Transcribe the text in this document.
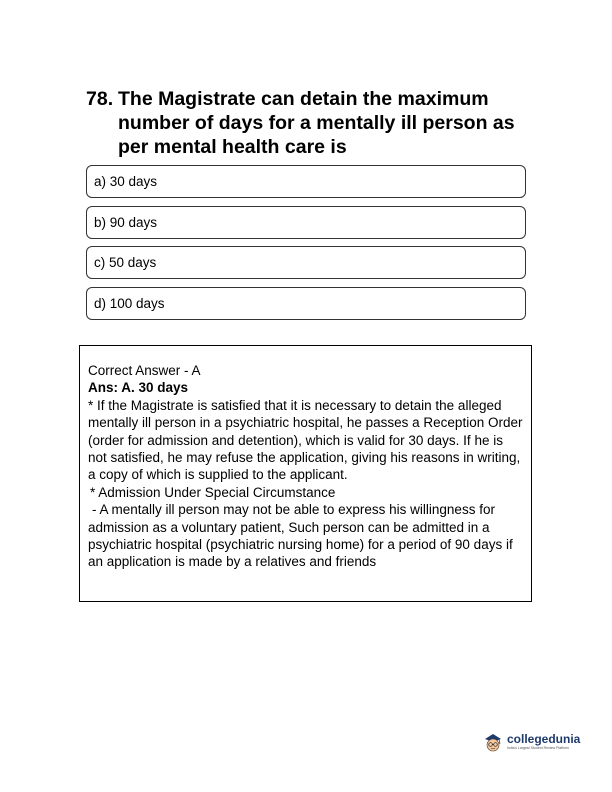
78. The Magistrate can detain the maximum number of days for a mentally ill person as per mental health care is
a) 30 days
b) 90 days
c) 50 days
d) 100 days

Correct Answer - A

Ans: A. 30 days

* If the Magistrate is satisfied that it is necessary to detain the alleged mentally ill person in a psychiatric hospital, he passes a Reception Order (order for admission and detention), which is valid for 30 days. If he is not satisfied, he may refuse the application, giving his reasons in writing, a copy of which is supplied to the applicant.

* Admission Under Special Circumstance

- A mentally ill person may not be able to express his willingness for admission as a voluntary patient, Such person can be admitted in a psychiatric hospital (psychiatric nursing home) for a period of 90 days if an application is made by a relatives and friends

collegedunia
India's Largest Student Review Platform
